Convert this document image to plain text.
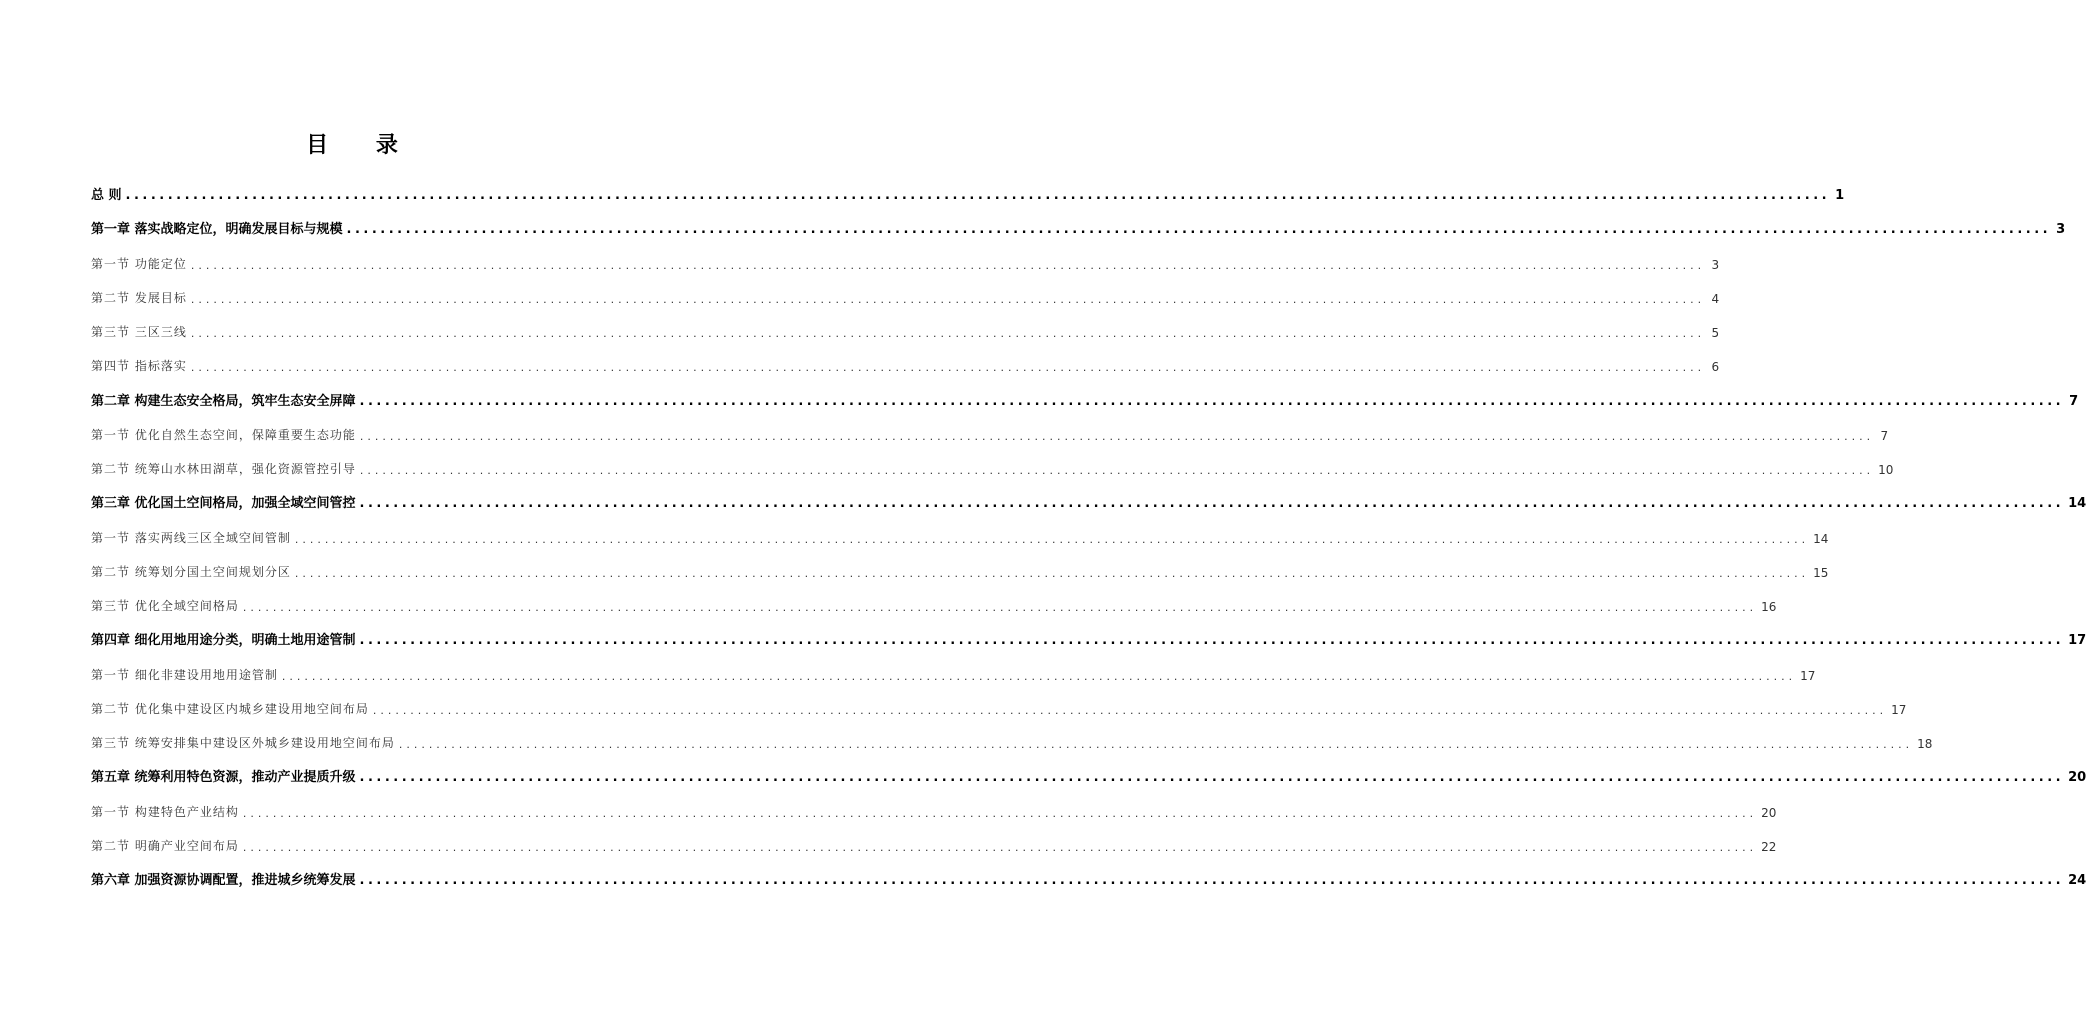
目 录
总 则 .......................................................................................................................................................................................................... 1
第一章 落实战略定位，明确发展目标与规模 .......................................................................................................................................................................................................... 3
第一节 功能定位 .......................................................................................................................................................................................................... 3
第二节 发展目标 .......................................................................................................................................................................................................... 4
第三节 三区三线 .......................................................................................................................................................................................................... 5
第四节 指标落实 .......................................................................................................................................................................................................... 6
第二章 构建生态安全格局，筑牢生态安全屏障 .......................................................................................................................................................................................................... 7
第一节 优化自然生态空间，保障重要生态功能 .......................................................................................................................................................................................................... 7
第二节 统筹山水林田湖草，强化资源管控引导 .......................................................................................................................................................................................................... 10
第三章 优化国土空间格局，加强全域空间管控 .......................................................................................................................................................................................................... 14
第一节 落实两线三区全域空间管制 .......................................................................................................................................................................................................... 14
第二节 统筹划分国土空间规划分区 .......................................................................................................................................................................................................... 15
第三节 优化全域空间格局 .......................................................................................................................................................................................................... 16
第四章 细化用地用途分类，明确土地用途管制 .......................................................................................................................................................................................................... 17
第一节 细化非建设用地用途管制 .......................................................................................................................................................................................................... 17
第二节 优化集中建设区内城乡建设用地空间布局 .......................................................................................................................................................................................................... 17
第三节 统筹安排集中建设区外城乡建设用地空间布局 .......................................................................................................................................................................................................... 18
第五章 统筹利用特色资源，推动产业提质升级 .......................................................................................................................................................................................................... 20
第一节 构建特色产业结构 .......................................................................................................................................................................................................... 20
第二节 明确产业空间布局 .......................................................................................................................................................................................................... 22
第六章 加强资源协调配置，推进城乡统筹发展 .......................................................................................................................................................................................................... 24
